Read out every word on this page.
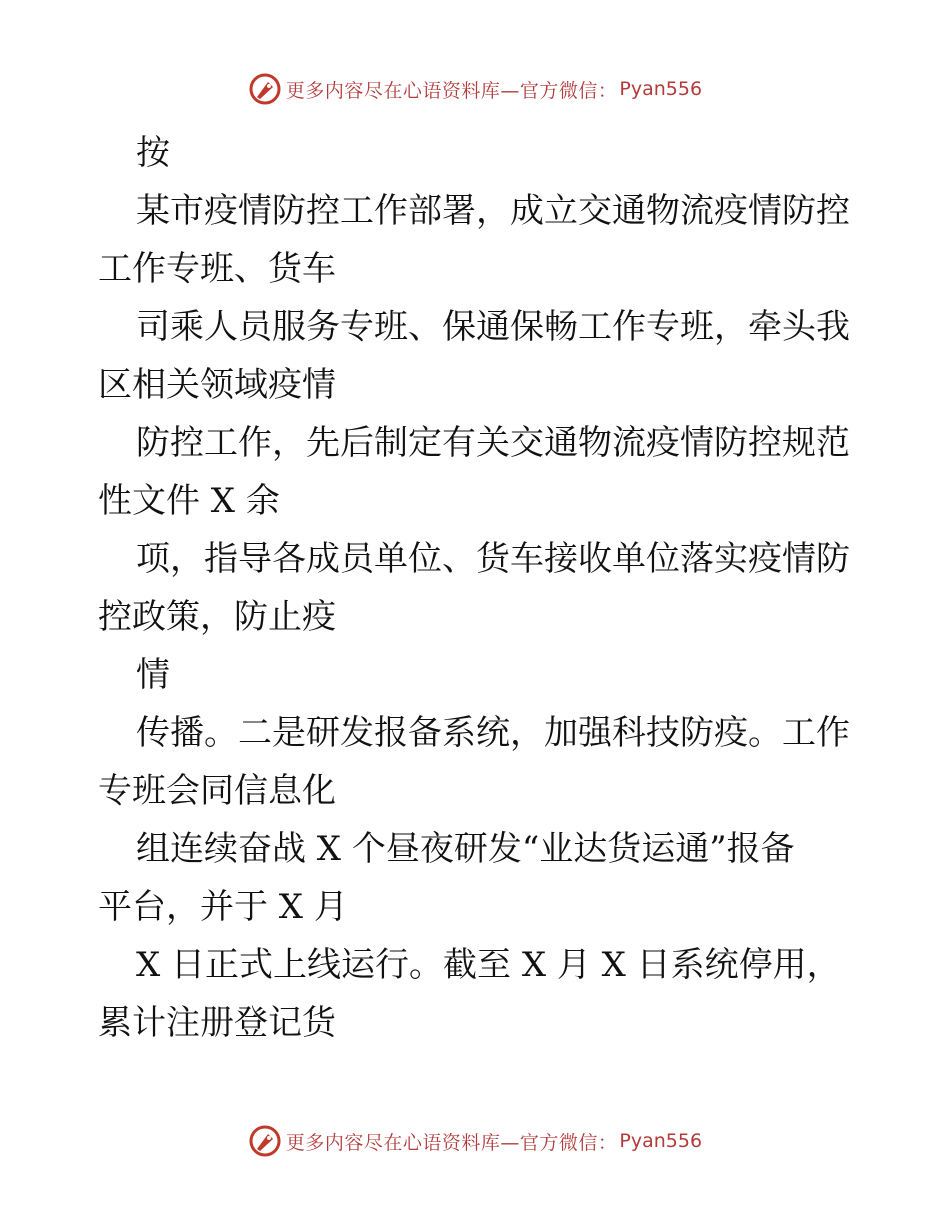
更多内容尽在心语资料库—官方微信： Pyan556
按
某市疫情防控工作部署，成立交通物流疫情防控
工作专班、货车
司乘人员服务专班、保通保畅工作专班，牵头我
区相关领域疫情
防控工作，先后制定有关交通物流疫情防控规范
性文件 X 余
项，指导各成员单位、货车接收单位落实疫情防
控政策，防止疫
情
传播。二是研发报备系统，加强科技防疫。工作
专班会同信息化
组连续奋战 X 个昼夜研发“业达货运通”报备
平台，并于 X 月
X 日正式上线运行。截至 X 月 X 日系统停用，
累计注册登记货
更多内容尽在心语资料库—官方微信： Pyan556
